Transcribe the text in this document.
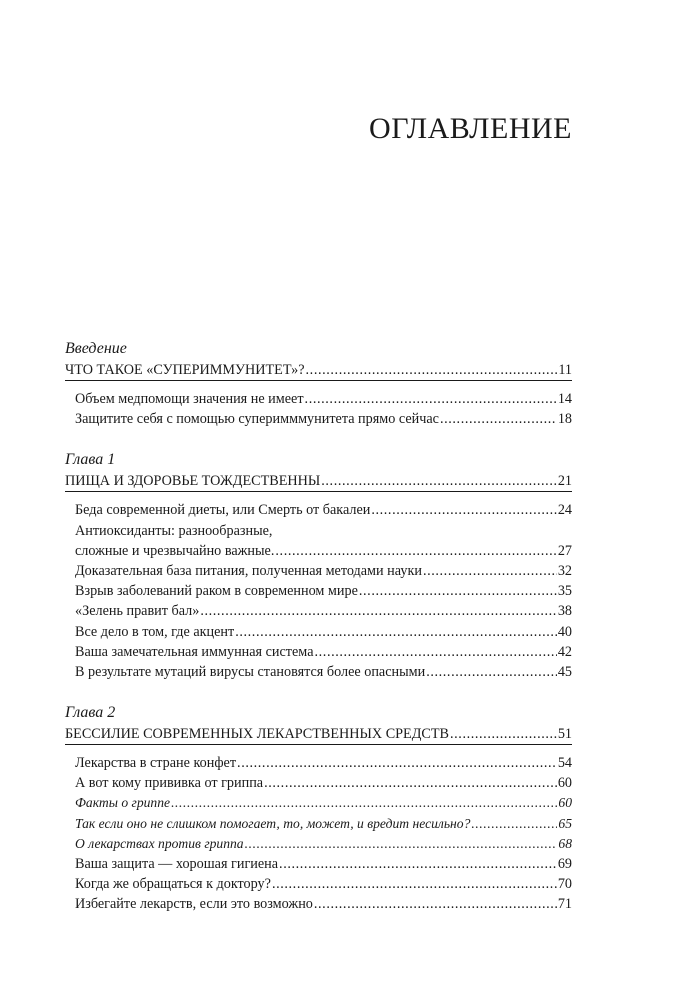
ОГЛАВЛЕНИЕ
Введение
ЧТО ТАКОЕ «СУПЕРИММУНИТЕТ»? .....	11
Объем медпомощи значения не имеет .....	14
Защитите себя с помощью суперимммунитета прямо сейчас .....	18
Глава 1
ПИЩА И ЗДОРОВЬЕ ТОЖДЕСТВЕННЫ .....	21
Беда современной диеты, или Смерть от бакалеи .....	24
Антиоксиданты: разнообразные,
сложные и чрезвычайно важные. .....	27
Доказательная база питания, полученная методами науки .....	32
Взрыв заболеваний раком в современном мире .....	35
«Зелень правит бал» .....	38
Все дело в том, где акцент .....	40
Ваша замечательная иммунная система .....	42
В результате мутаций вирусы становятся более опасными .....	45
Глава 2
БЕССИЛИЕ СОВРЕМЕННЫХ ЛЕКАРСТВЕННЫХ СРЕДСТВ .....	51
Лекарства в стране конфет .....	54
А вот кому прививка от гриппа .....	60
Факты о гриппе .....	60
Так если оно не слишком помогает, то, может, и вредит несильно? .....	65
О лекарствах против гриппа .....	68
Ваша защита — хорошая гигиена .....	69
Когда же обращаться к доктору? .....	70
Избегайте лекарств, если это возможно .....	71
